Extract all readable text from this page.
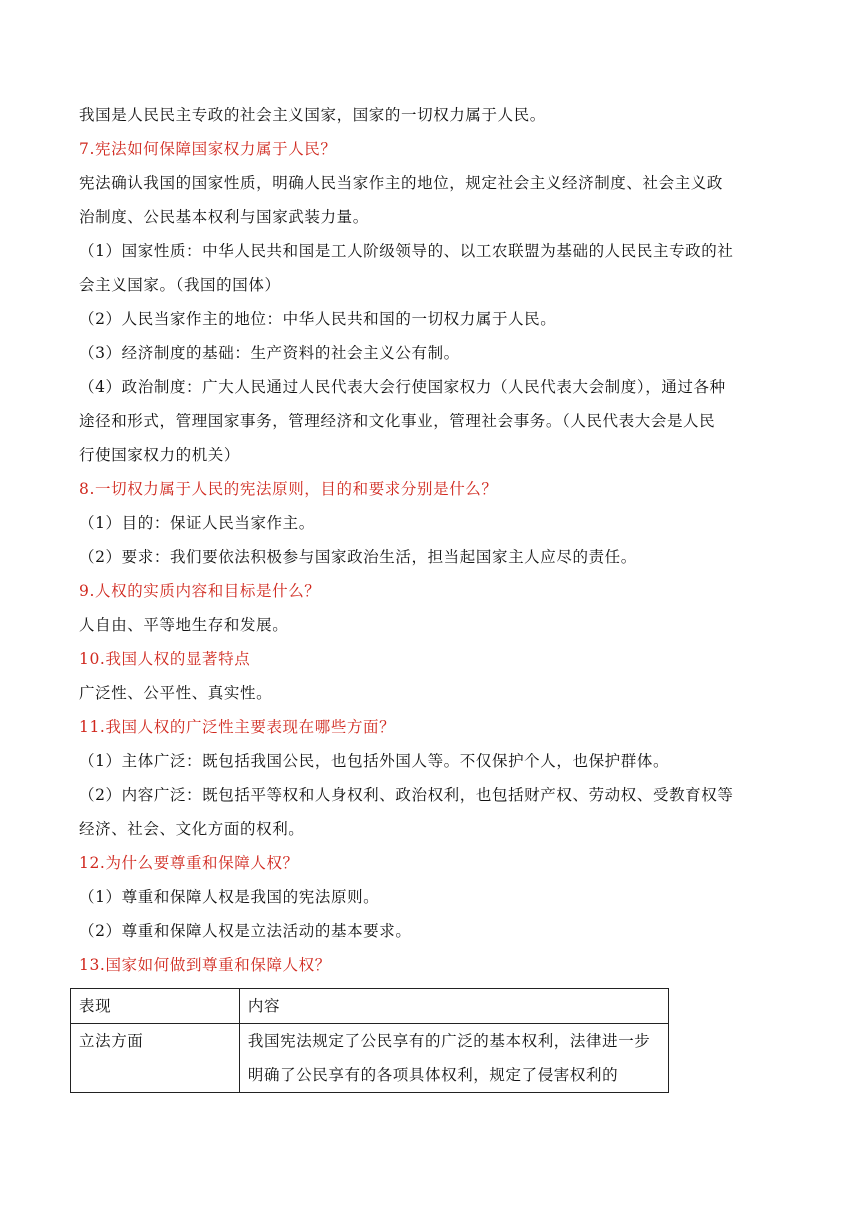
我国是人民民主专政的社会主义国家，国家的一切权力属于人民。
7.宪法如何保障国家权力属于人民？
宪法确认我国的国家性质，明确人民当家作主的地位，规定社会主义经济制度、社会主义政
治制度、公民基本权利与国家武装力量。
（1）国家性质：中华人民共和国是工人阶级领导的、以工农联盟为基础的人民民主专政的社
会主义国家。（我国的国体）
（2）人民当家作主的地位：中华人民共和国的一切权力属于人民。
（3）经济制度的基础：生产资料的社会主义公有制。
（4）政治制度：广大人民通过人民代表大会行使国家权力（人民代表大会制度），通过各种
途径和形式，管理国家事务，管理经济和文化事业，管理社会事务。（人民代表大会是人民
行使国家权力的机关）
8.一切权力属于人民的宪法原则，目的和要求分别是什么？
（1）目的：保证人民当家作主。
（2）要求：我们要依法积极参与国家政治生活，担当起国家主人应尽的责任。
9.人权的实质内容和目标是什么？
人自由、平等地生存和发展。
10.我国人权的显著特点
广泛性、公平性、真实性。
11.我国人权的广泛性主要表现在哪些方面？
（1）主体广泛：既包括我国公民，也包括外国人等。不仅保护个人，也保护群体。
（2）内容广泛：既包括平等权和人身权利、政治权利，也包括财产权、劳动权、受教育权等
经济、社会、文化方面的权利。
12.为什么要尊重和保障人权？
（1）尊重和保障人权是我国的宪法原则。
（2）尊重和保障人权是立法活动的基本要求。
13.国家如何做到尊重和保障人权？
表现	内容
立法方面	我国宪法规定了公民享有的广泛的基本权利，法律进一步明确了公民享有的各项具体权利，规定了侵害权利的
